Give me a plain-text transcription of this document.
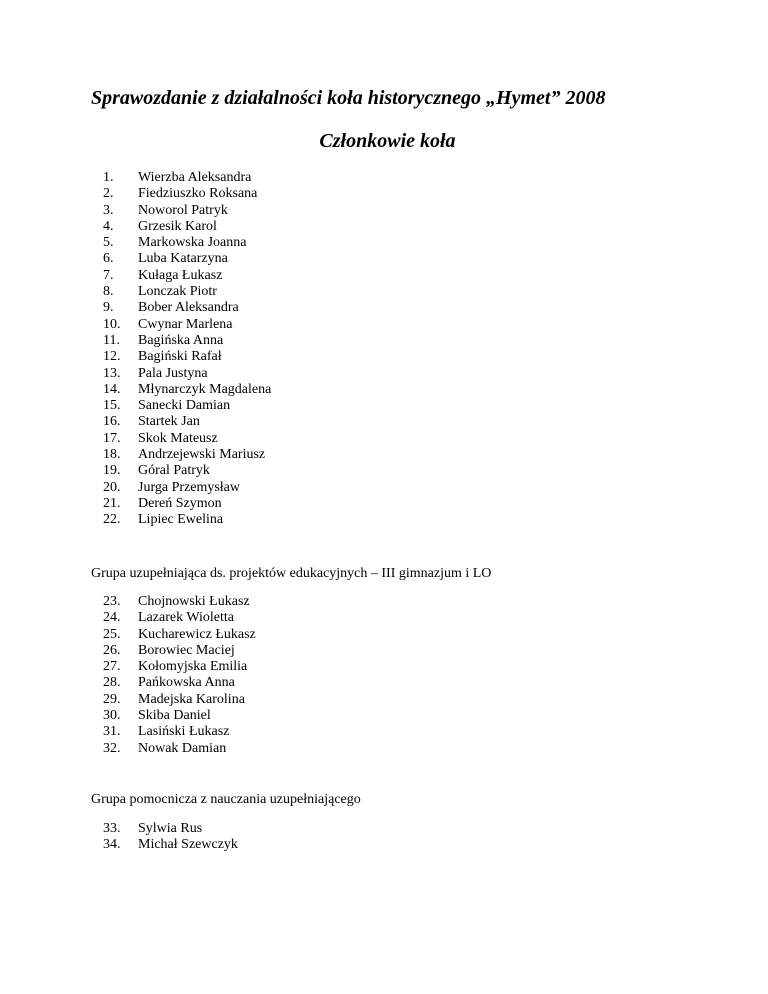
Sprawozdanie z działalności koła historycznego „Hymet” 2008
Członkowie koła
1.	Wierzba Aleksandra
2.	Fiedziuszko Roksana
3.	Noworol Patryk
4.	Grzesik Karol
5.	Markowska Joanna
6.	Luba Katarzyna
7.	Kułaga Łukasz
8.	Lonczak Piotr
9.	Bober Aleksandra
10.	Cwynar Marlena
11.	Bagińska Anna
12.	Bagiński Rafał
13.	Pala Justyna
14.	Młynarczyk Magdalena
15.	Sanecki Damian
16.	Startek Jan
17.	Skok Mateusz
18.	Andrzejewski Mariusz
19.	Góral Patryk
20.	Jurga Przemysław
21.	Dereń Szymon
22.	Lipiec Ewelina

Grupa uzupełniająca ds. projektów edukacyjnych – III gimnazjum i LO

23.	Chojnowski Łukasz
24.	Lazarek Wioletta
25.	Kucharewicz Łukasz
26.	Borowiec Maciej
27.	Kołomyjska Emilia
28.	Pańkowska Anna
29.	Madejska Karolina
30.	Skiba Daniel
31.	Lasiński Łukasz
32.	Nowak Damian

Grupa pomocnicza z nauczania uzupełniającego

33.	Sylwia Rus
34.	Michał Szewczyk
